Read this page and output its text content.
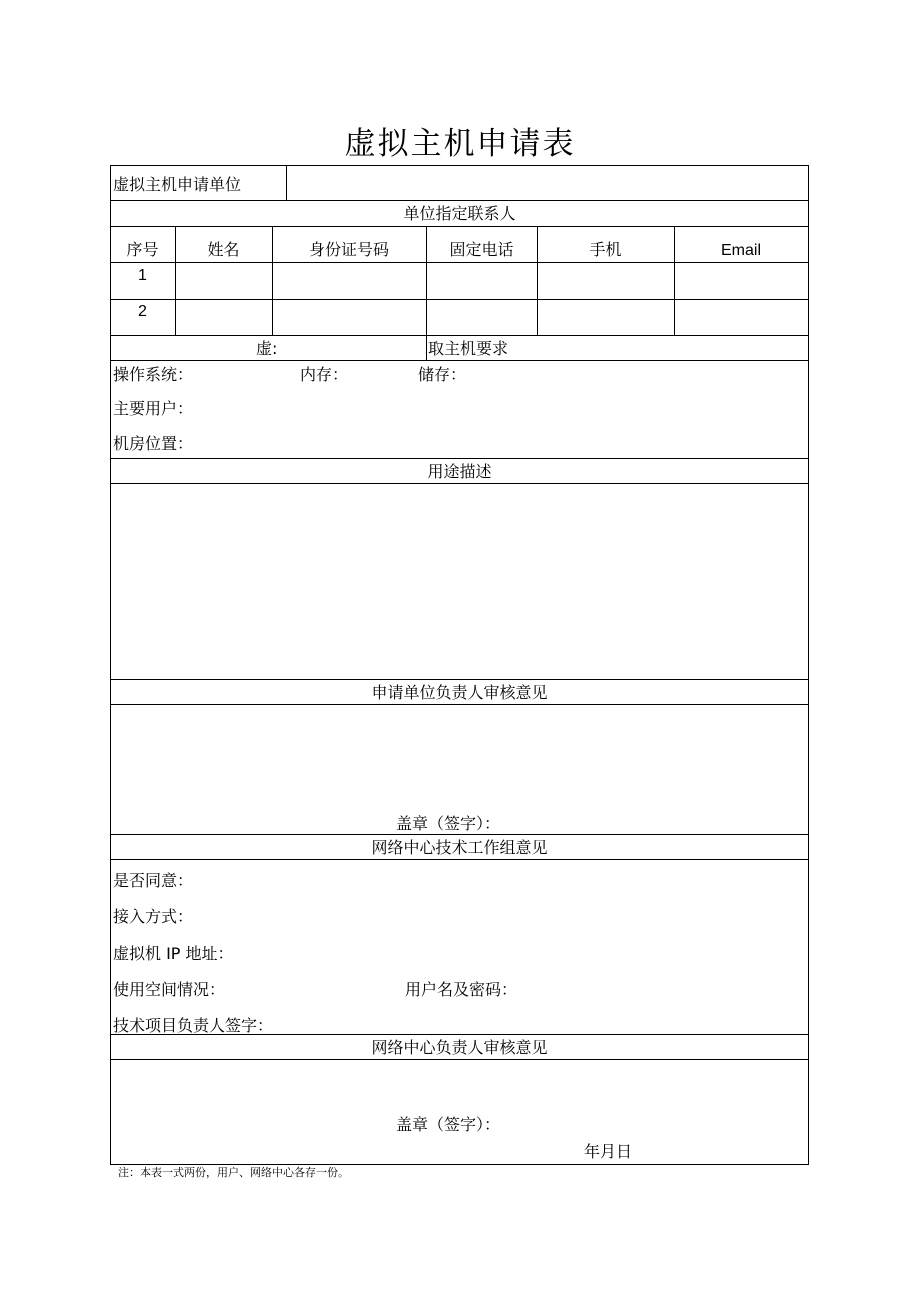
虚拟主机申请表
虚拟主机申请单位
单位指定联系人
序号	姓名	身份证号码	固定电话	手机	Email
1
2
虚:	取主机要求
操作系统：	内存：	储存：
主要用户：
机房位置：
用途描述
申请单位负责人审核意见
盖章（签字）：
网络中心技术工作组意见
是否同意：
接入方式：
虚拟机 IP 地址：
使用空间情况：	用户名及密码：
技术项目负责人签字：
网络中心负责人审核意见
盖章（签字）：
年月日
注：本表一式两份，用户、网络中心各存一份。
